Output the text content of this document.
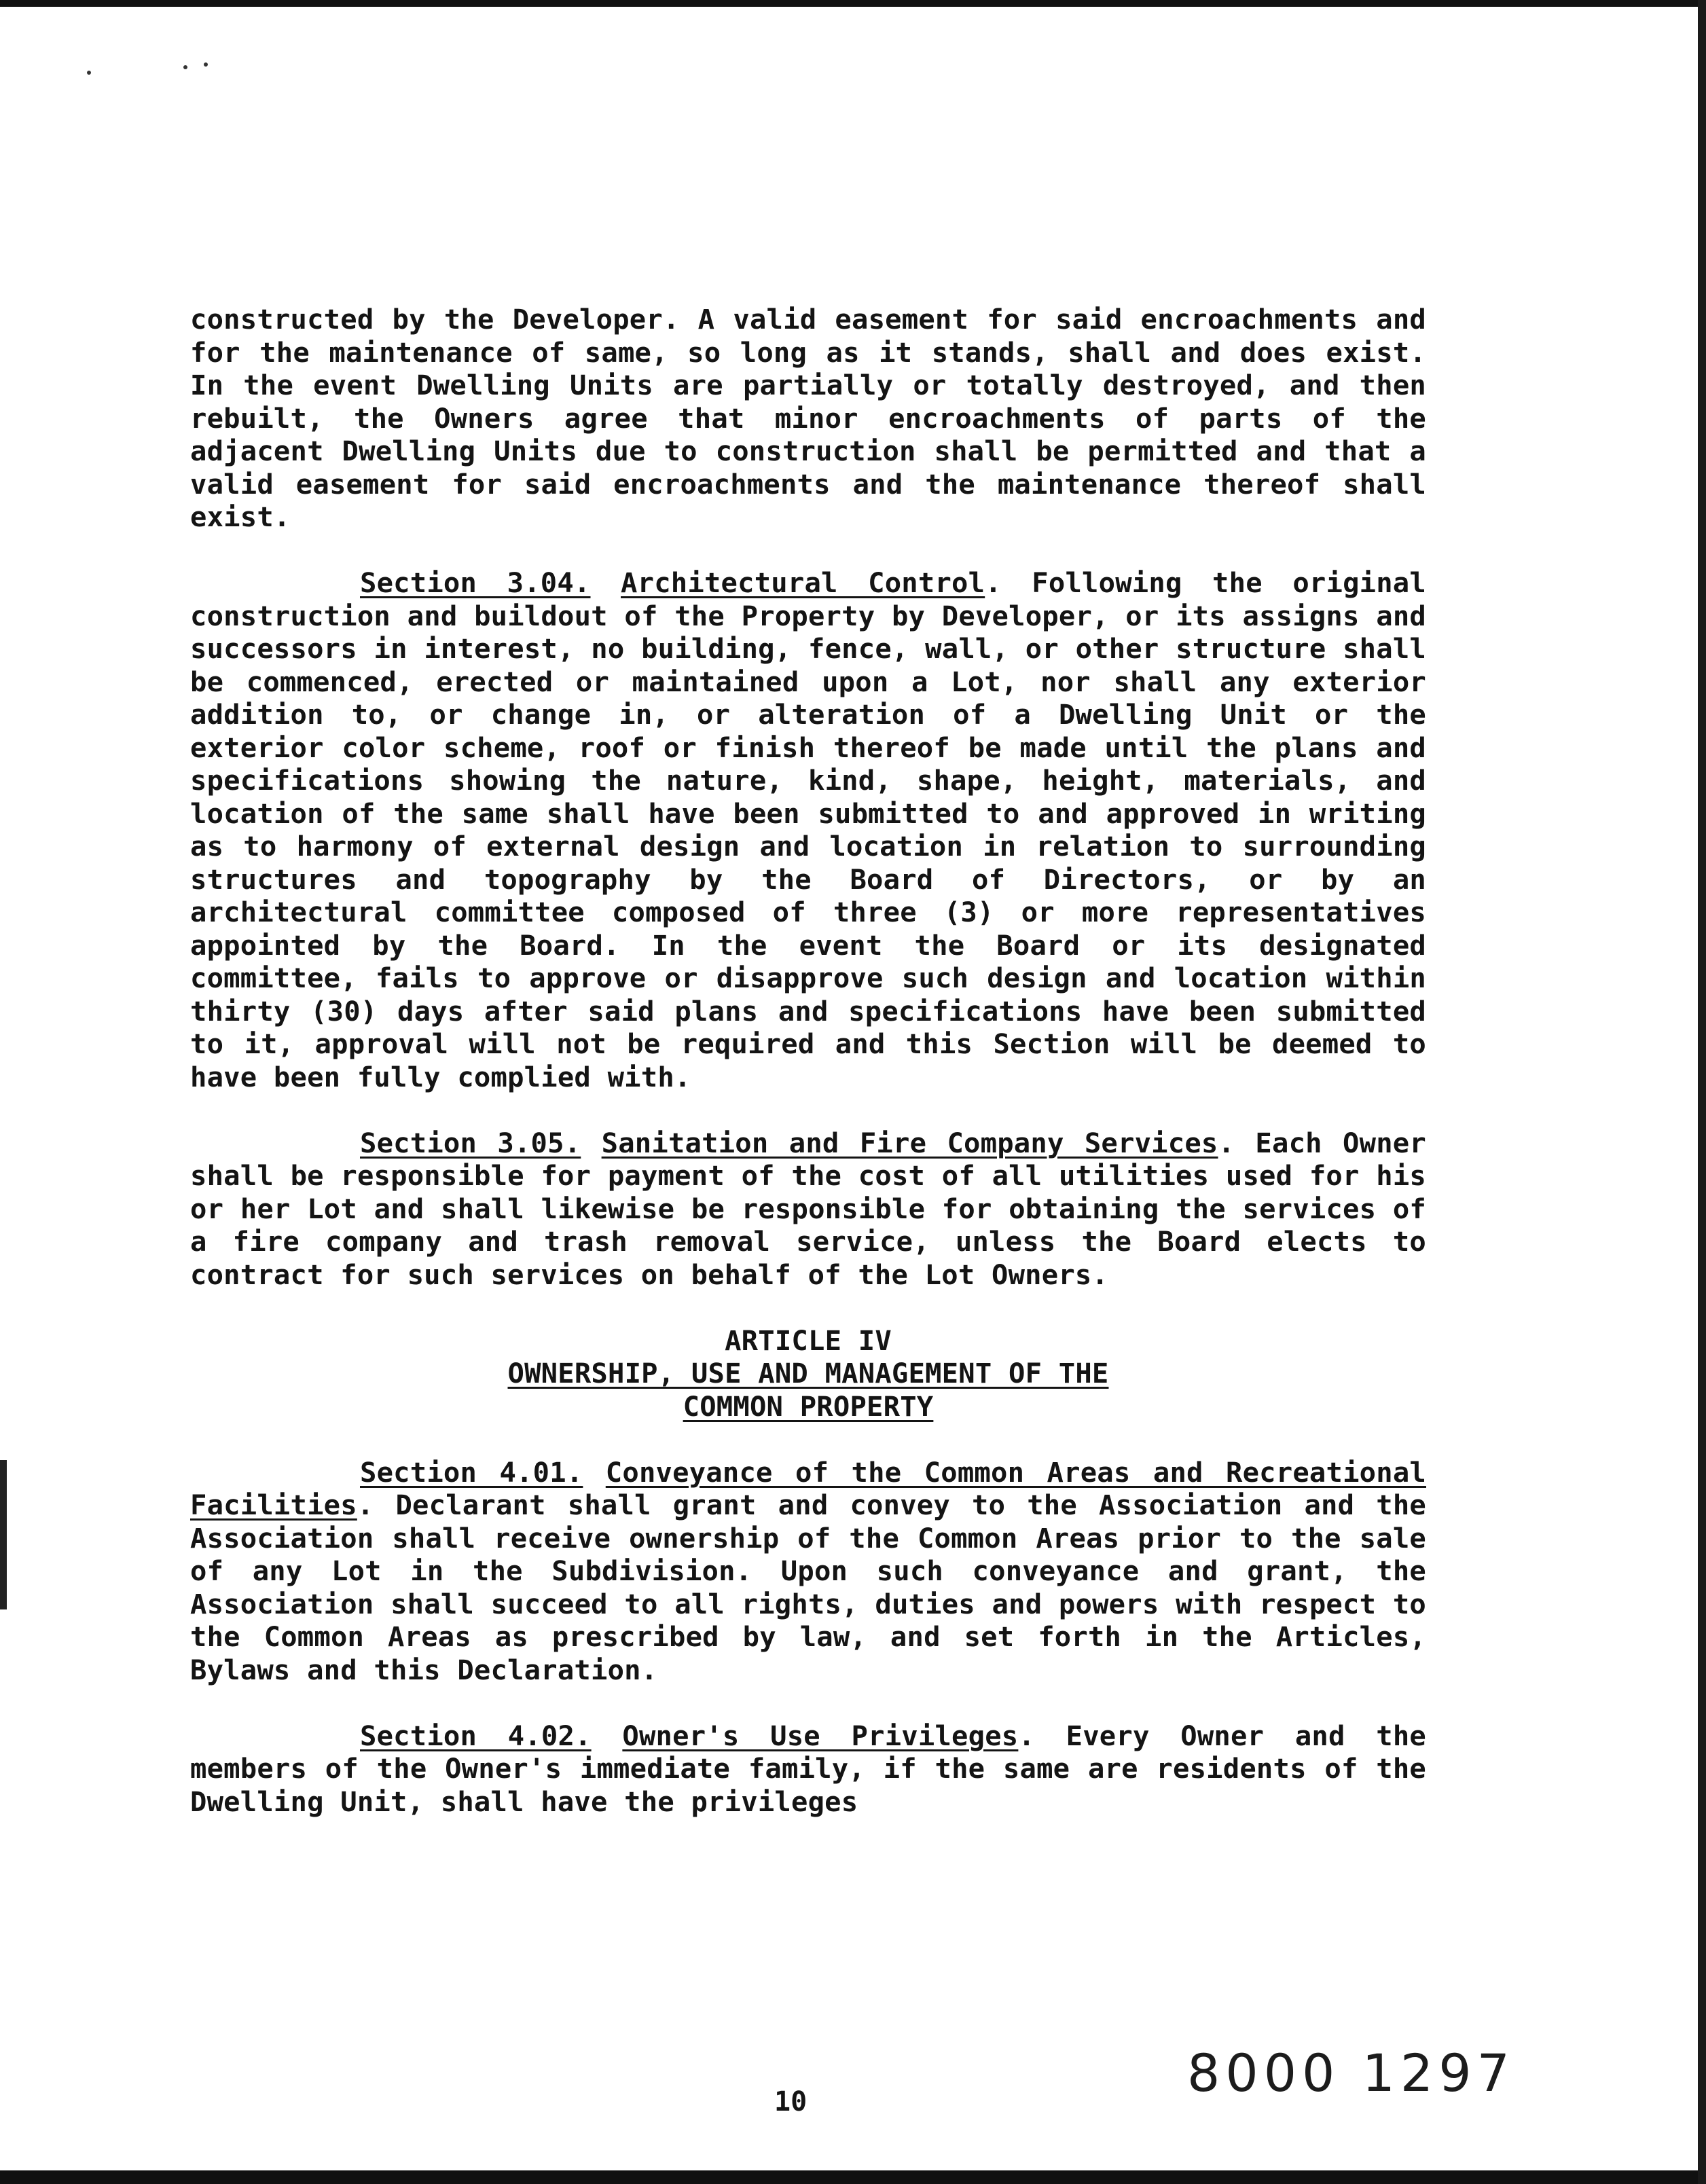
constructed by the Developer. A valid easement for said encroachments and for the maintenance of same, so long as it stands, shall and does exist. In the event Dwelling Units are partially or totally destroyed, and then rebuilt, the Owners agree that minor encroachments of parts of the adjacent Dwelling Units due to construction shall be permitted and that a valid easement for said encroachments and the maintenance thereof shall exist.

Section 3.04. Architectural Control. Following the original construction and buildout of the Property by Developer, or its assigns and successors in interest, no building, fence, wall, or other structure shall be commenced, erected or maintained upon a Lot, nor shall any exterior addition to, or change in, or alteration of a Dwelling Unit or the exterior color scheme, roof or finish thereof be made until the plans and specifications showing the nature, kind, shape, height, materials, and location of the same shall have been submitted to and approved in writing as to harmony of external design and location in relation to surrounding structures and topography by the Board of Directors, or by an architectural committee composed of three (3) or more representatives appointed by the Board. In the event the Board or its designated committee, fails to approve or disapprove such design and location within thirty (30) days after said plans and specifications have been submitted to it, approval will not be required and this Section will be deemed to have been fully complied with.

Section 3.05. Sanitation and Fire Company Services. Each Owner shall be responsible for payment of the cost of all utilities used for his or her Lot and shall likewise be responsible for obtaining the services of a fire company and trash removal service, unless the Board elects to contract for such services on behalf of the Lot Owners.

ARTICLE IV
OWNERSHIP, USE AND MANAGEMENT OF THE
COMMON PROPERTY

Section 4.01. Conveyance of the Common Areas and Recreational Facilities. Declarant shall grant and convey to the Association and the Association shall receive ownership of the Common Areas prior to the sale of any Lot in the Subdivision. Upon such conveyance and grant, the Association shall succeed to all rights, duties and powers with respect to the Common Areas as prescribed by law, and set forth in the Articles, Bylaws and this Declaration.

Section 4.02. Owner's Use Privileges. Every Owner and the members of the Owner's immediate family, if the same are residents of the Dwelling Unit, shall have the privileges

8000 1297
10
